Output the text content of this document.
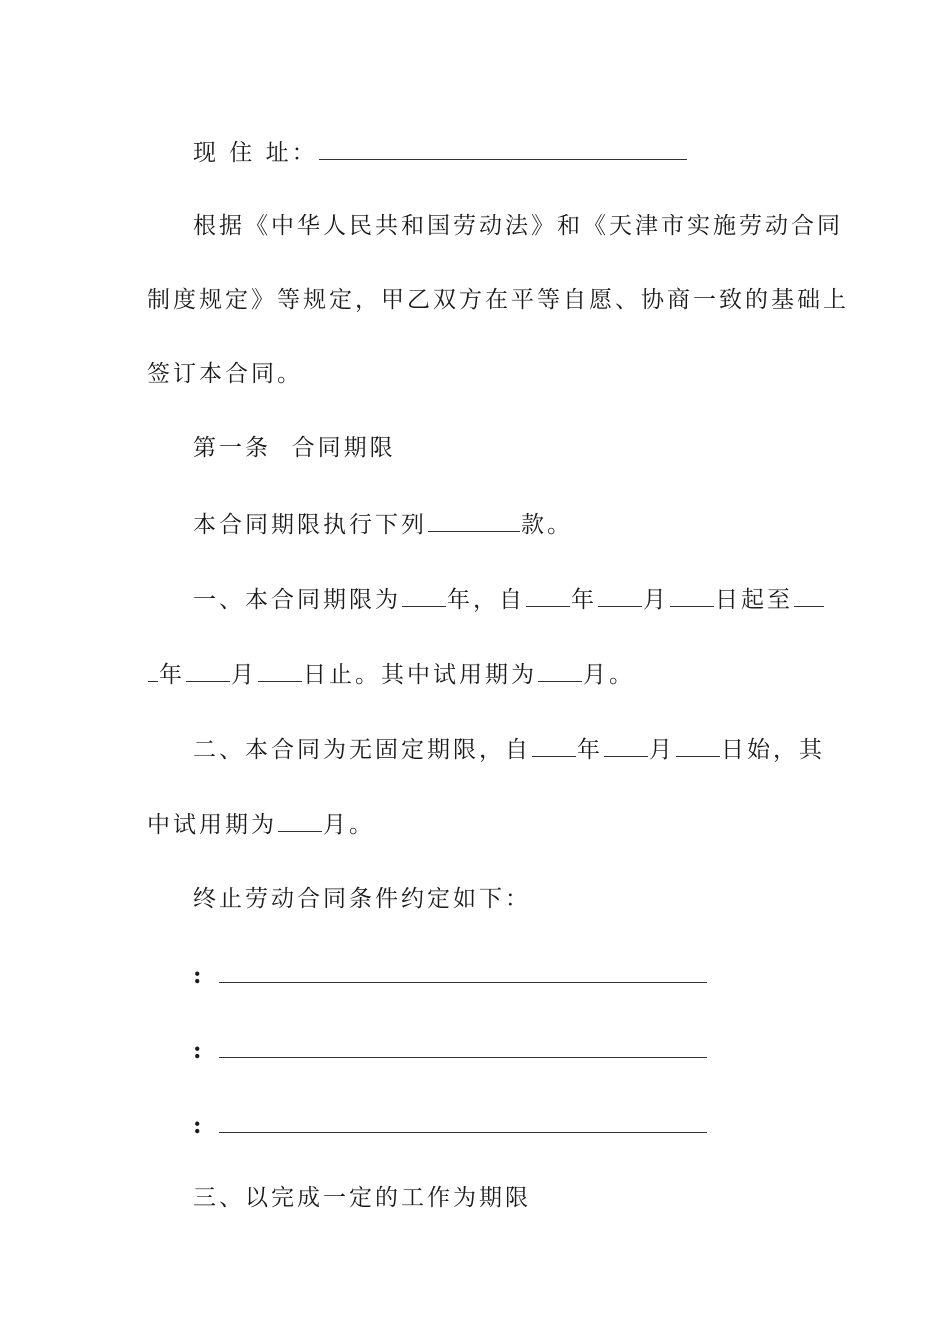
现 住 址：
根据《中华人民共和国劳动法》和《天津市实施劳动合同
制度规定》等规定，甲乙双方在平等自愿、协商一致的基础上
签订本合同。
第一条  合同期限
本合同期限执行下列	款。
一、本合同期限为 年，自 年 月 日起至
年 月 日止。其中试用期为 月。
二、本合同为无固定期限，自 年 月 日始，其
中试用期为 月。
终止劳动合同条件约定如下：
:
:
:
三、以完成一定的工作为期限
